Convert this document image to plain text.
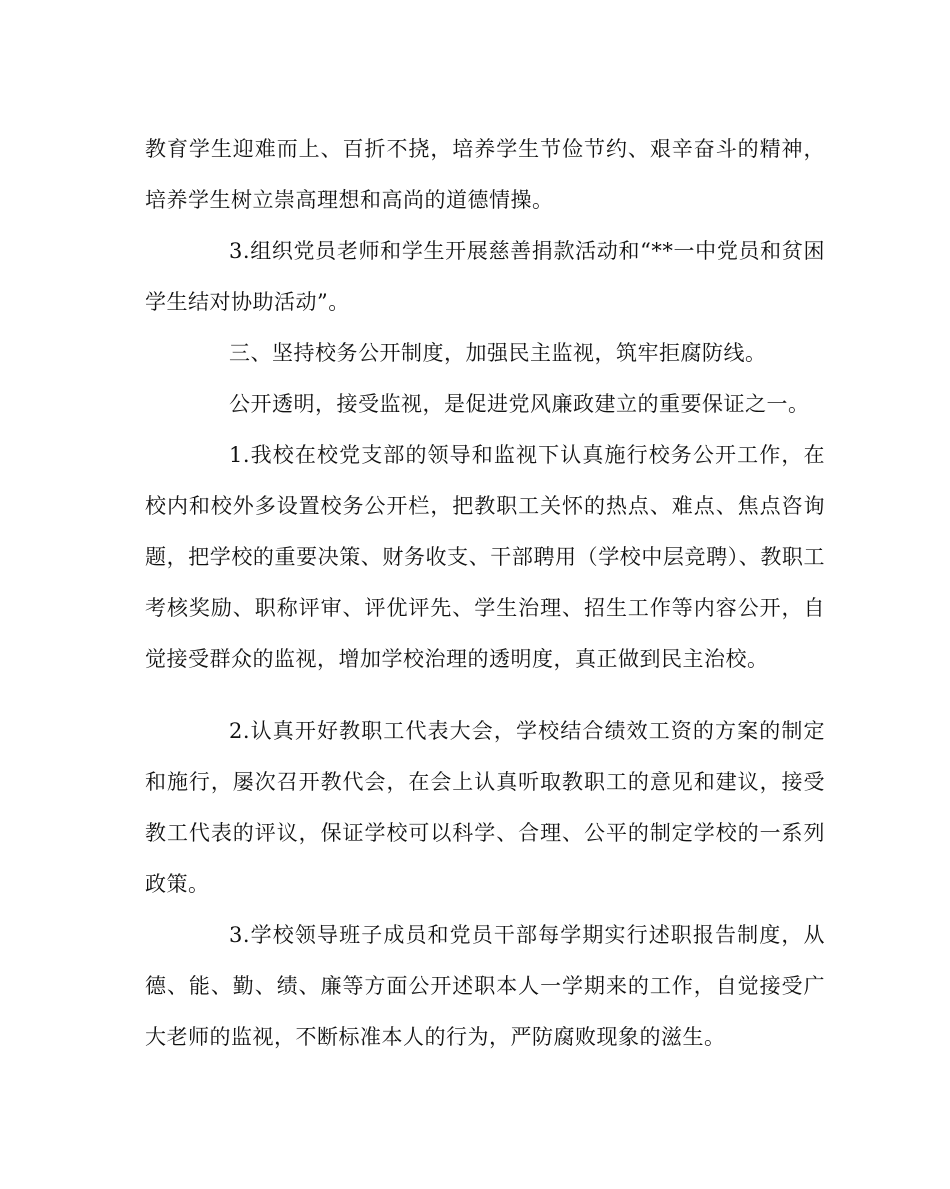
教育学生迎难而上、百折不挠，培养学生节俭节约、艰辛奋斗的精神，培养学生树立崇高理想和高尚的道德情操。

3.组织党员老师和学生开展慈善捐款活动和“**一中党员和贫困学生结对协助活动”。

三、坚持校务公开制度，加强民主监视，筑牢拒腐防线。

公开透明，接受监视，是促进党风廉政建立的重要保证之一。

1.我校在校党支部的领导和监视下认真施行校务公开工作，在校内和校外多设置校务公开栏，把教职工关怀的热点、难点、焦点咨询题，把学校的重要决策、财务收支、干部聘用（学校中层竞聘）、教职工考核奖励、职称评审、评优评先、学生治理、招生工作等内容公开，自觉接受群众的监视，增加学校治理的透明度，真正做到民主治校。

2.认真开好教职工代表大会，学校结合绩效工资的方案的制定和施行，屡次召开教代会，在会上认真听取教职工的意见和建议，接受教工代表的评议，保证学校可以科学、合理、公平的制定学校的一系列政策。

3.学校领导班子成员和党员干部每学期实行述职报告制度，从德、能、勤、绩、廉等方面公开述职本人一学期来的工作，自觉接受广大老师的监视，不断标准本人的行为，严防腐败现象的滋生。
